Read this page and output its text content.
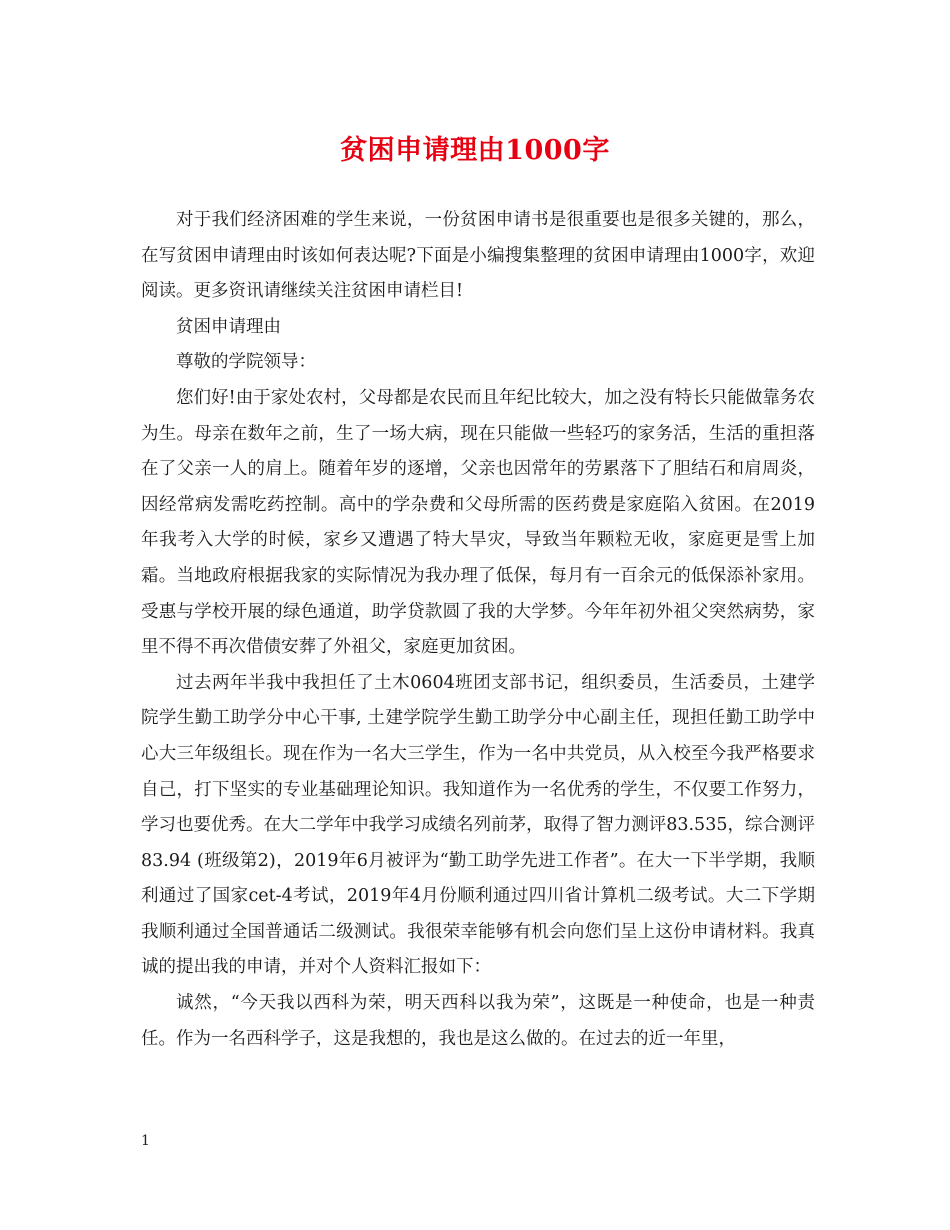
贫困申请理由1000字

对于我们经济困难的学生来说，一份贫困申请书是很重要也是很多关键的，那么，在写贫困申请理由时该如何表达呢?下面是小编搜集整理的贫困申请理由1000字，欢迎阅读。更多资讯请继续关注贫困申请栏目!

贫困申请理由

尊敬的学院领导：

您们好!由于家处农村，父母都是农民而且年纪比较大，加之没有特长只能做靠务农为生。母亲在数年之前，生了一场大病，现在只能做一些轻巧的家务活，生活的重担落在了父亲一人的肩上。随着年岁的逐增，父亲也因常年的劳累落下了胆结石和肩周炎，因经常病发需吃药控制。高中的学杂费和父母所需的医药费是家庭陷入贫困。在2019年我考入大学的时候，家乡又遭遇了特大旱灾，导致当年颗粒无收，家庭更是雪上加霜。当地政府根据我家的实际情况为我办理了低保，每月有一百余元的低保添补家用。受惠与学校开展的绿色通道，助学贷款圆了我的大学梦。今年年初外祖父突然病势，家里不得不再次借债安葬了外祖父，家庭更加贫困。

过去两年半我中我担任了土木0604班团支部书记，组织委员，生活委员，土建学院学生勤工助学分中心干事, 土建学院学生勤工助学分中心副主任，现担任勤工助学中心大三年级组长。现在作为一名大三学生，作为一名中共党员，从入校至今我严格要求自己，打下坚实的专业基础理论知识。我知道作为一名优秀的学生，不仅要工作努力，学习也要优秀。在大二学年中我学习成绩名列前茅，取得了智力测评83.535，综合测评83.94 (班级第2)，2019年6月被评为“勤工助学先进工作者”。在大一下半学期，我顺利通过了国家cet-4考试，2019年4月份顺利通过四川省计算机二级考试。大二下学期我顺利通过全国普通话二级测试。我很荣幸能够有机会向您们呈上这份申请材料。我真诚的提出我的申请，并对个人资料汇报如下：

诚然，“今天我以西科为荣，明天西科以我为荣”，这既是一种使命，也是一种责任。作为一名西科学子，这是我想的，我也是这么做的。在过去的近一年里，

1
